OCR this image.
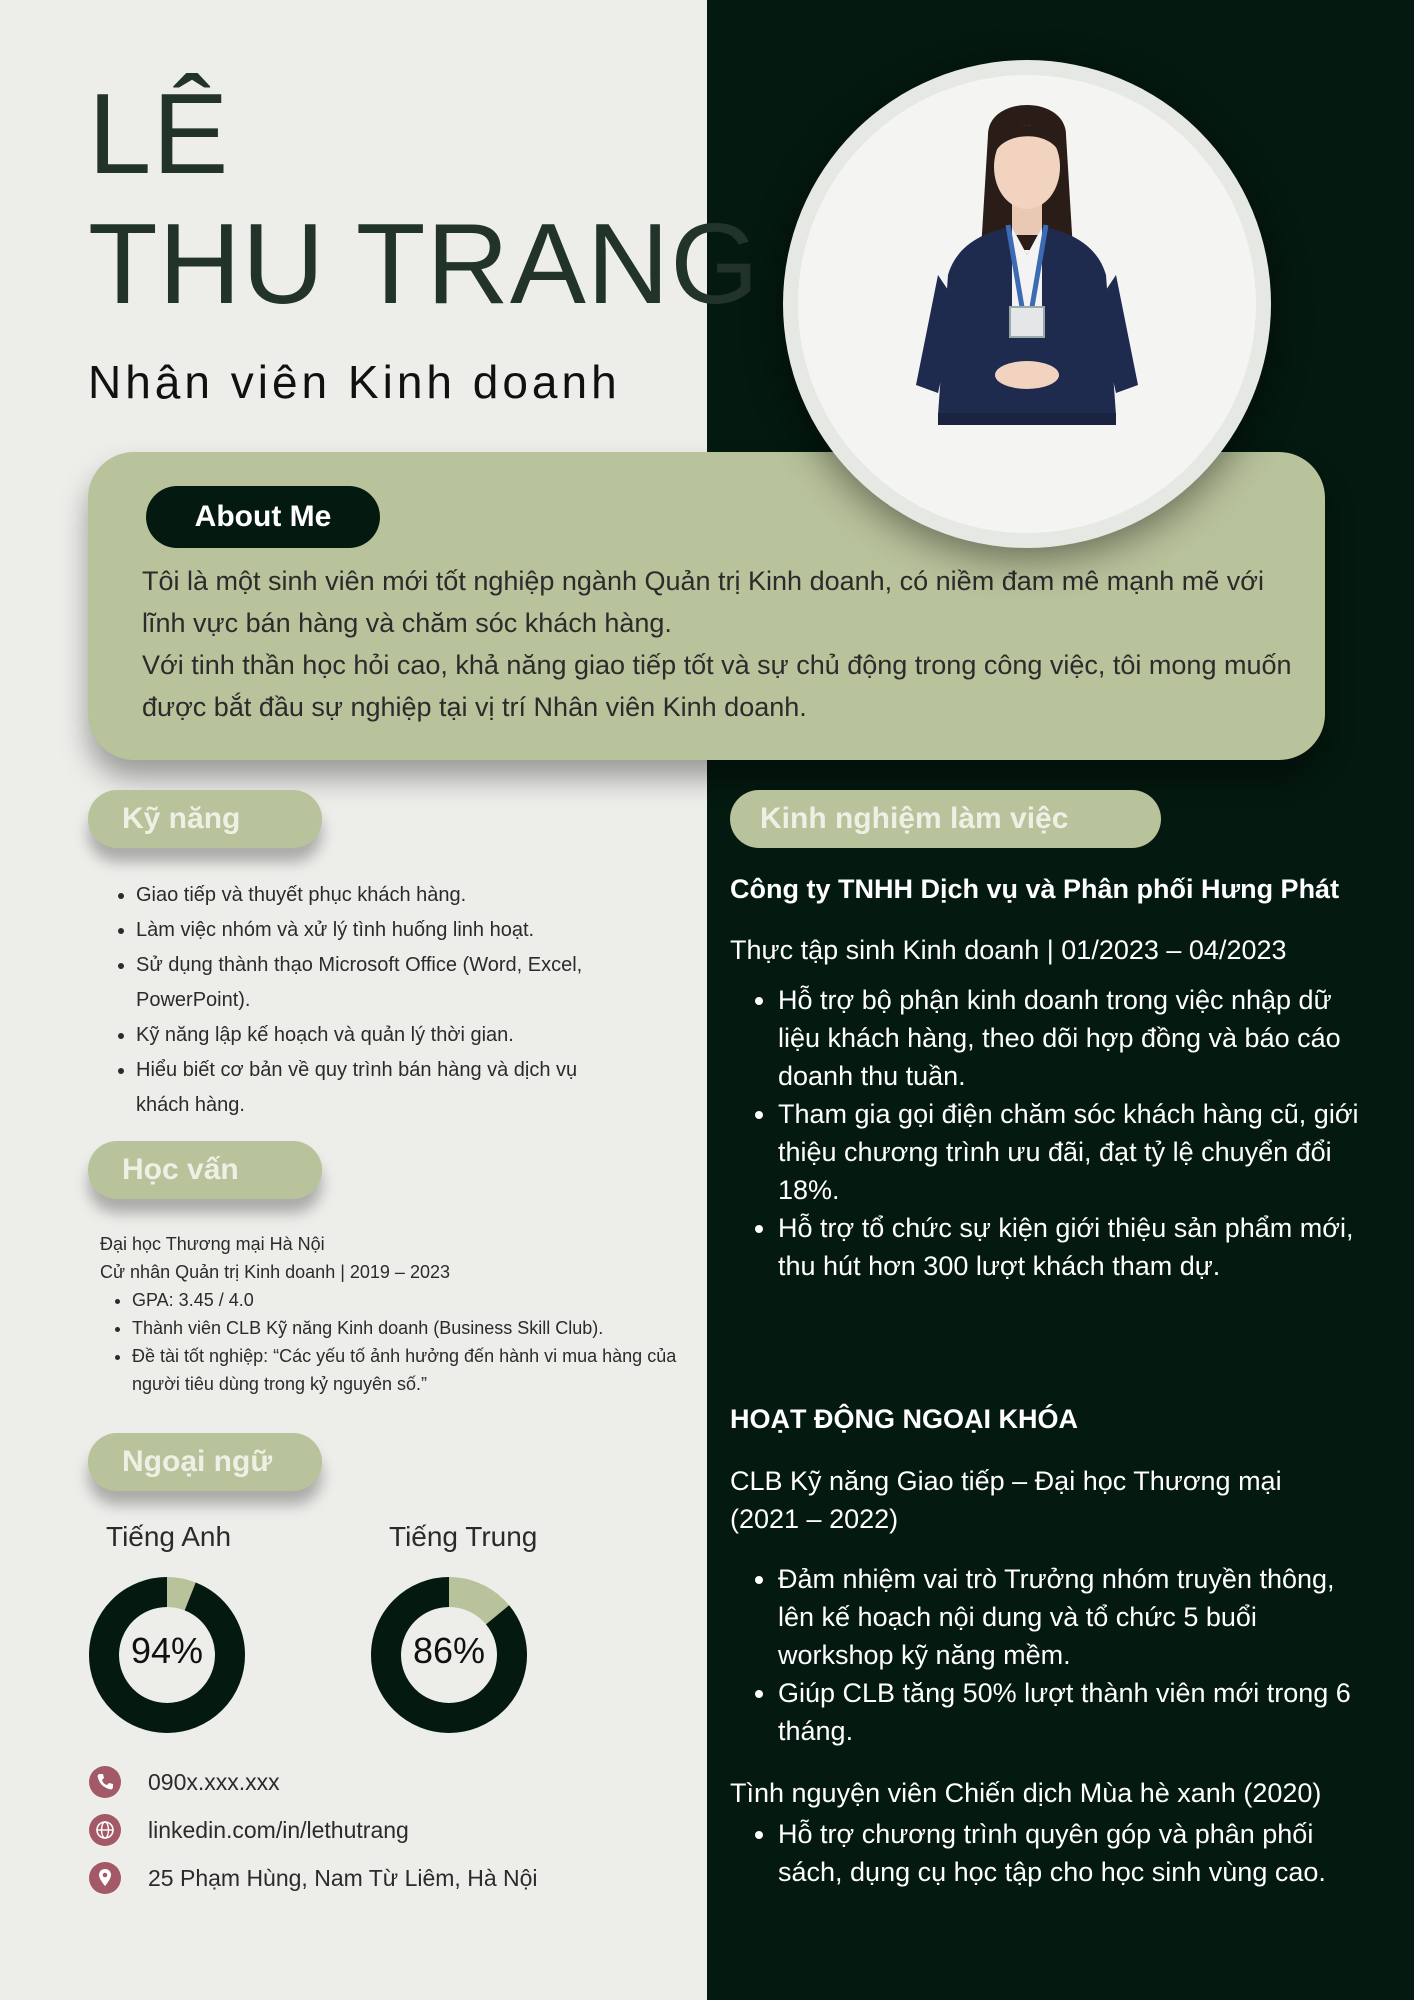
LÊ
THU TRANG
Nhân viên Kinh doanh
About Me

Tôi là một sinh viên mới tốt nghiệp ngành Quản trị Kinh doanh, có niềm đam mê mạnh mẽ với lĩnh vực bán hàng và chăm sóc khách hàng.

Với tinh thần học hỏi cao, khả năng giao tiếp tốt và sự chủ động trong công việc, tôi mong muốn được bắt đầu sự nghiệp tại vị trí Nhân viên Kinh doanh.

Kỹ năng
• Giao tiếp và thuyết phục khách hàng.
• Làm việc nhóm và xử lý tình huống linh hoạt.
• Sử dụng thành thạo Microsoft Office (Word, Excel, PowerPoint).
• Kỹ năng lập kế hoạch và quản lý thời gian.
• Hiểu biết cơ bản về quy trình bán hàng và dịch vụ khách hàng.
Học vấn
Đại học Thương mại Hà Nội
Cử nhân Quản trị Kinh doanh | 2019 – 2023
• GPA: 3.45 / 4.0
• Thành viên CLB Kỹ năng Kinh doanh (Business Skill Club).
• Đề tài tốt nghiệp: “Các yếu tố ảnh hưởng đến hành vi mua hàng của người tiêu dùng trong kỷ nguyên số.”
Ngoại ngữ
Tiếng Anh	Tiếng Trung
94%	86%
090x.xxx.xxx
linkedin.com/in/lethutrang
25 Phạm Hùng, Nam Từ Liêm, Hà Nội
Kinh nghiệm làm việc
Công ty TNHH Dịch vụ và Phân phối Hưng Phát
Thực tập sinh Kinh doanh | 01/2023 – 04/2023
• Hỗ trợ bộ phận kinh doanh trong việc nhập dữ liệu khách hàng, theo dõi hợp đồng và báo cáo doanh thu tuần.
• Tham gia gọi điện chăm sóc khách hàng cũ, giới thiệu chương trình ưu đãi, đạt tỷ lệ chuyển đổi 18%.
• Hỗ trợ tổ chức sự kiện giới thiệu sản phẩm mới, thu hút hơn 300 lượt khách tham dự.
HOẠT ĐỘNG NGOẠI KHÓA
CLB Kỹ năng Giao tiếp – Đại học Thương mại (2021 – 2022)
• Đảm nhiệm vai trò Trưởng nhóm truyền thông, lên kế hoạch nội dung và tổ chức 5 buổi workshop kỹ năng mềm.
• Giúp CLB tăng 50% lượt thành viên mới trong 6 tháng.
Tình nguyện viên Chiến dịch Mùa hè xanh (2020)
• Hỗ trợ chương trình quyên góp và phân phối sách, dụng cụ học tập cho học sinh vùng cao.
